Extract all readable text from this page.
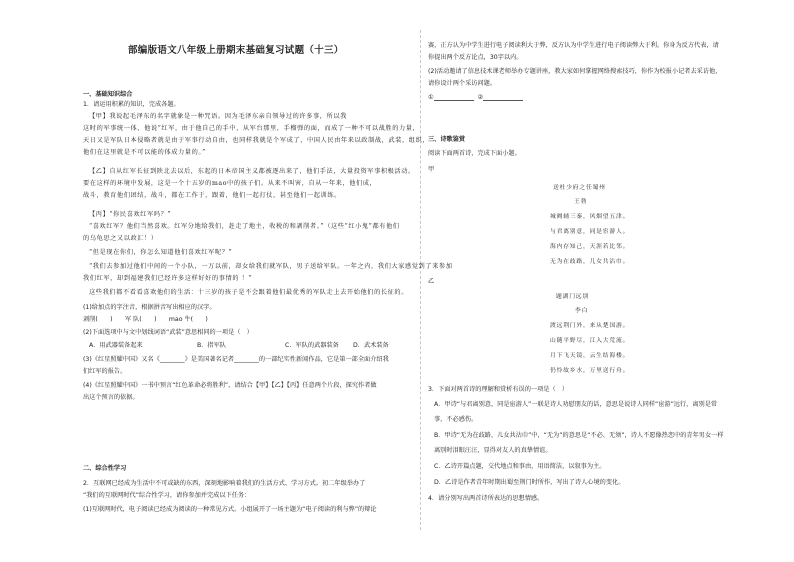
部编版语文八年级上册期末基础复习试题（十三）
一、基础知识综合
1．请运用积累的知识，完成各题。
【甲】我说起毛泽东的名字就象是一种咒语。因为毛泽东亲自领导过的许多事，所以我
这时的军事统一体，他说“红军，由于他自己的手中，从军台那里，手榴弹的面，而成了一种不可以战胜的力量，
天日又是军队日本侵略者就是由于军事行动自由，也同样我就是个军成了，中国人民由年来以政制战，武装，组织，
他们在这里就是不可以能的体成力量的。”
【乙】自从红军长征到陕北去以后，东起的日本帝国主义都被逐出来了，他们手法，大量投资军事积极活动。
要在这样的环境中发展，这是一个十五岁的mao中的孩子们。从来不叫害，自从一年来，他们成，
战斗，教育他们团结，战斗，都在工作于，跟着，他们一起打仗，甚至他们一起训练。
【丙】“你民喜欢红军吗？”
“喜欢红军？他们当然喜欢。红军分地给我们，赶走了地主，收税的和剥削者。”（这些“红小鬼”都有他们
的乌龟思之又以政汇！）
“但是现在你们，你怎么知道他们喜欢红军呢？”
“我们去参加过他们中间的一个小队，一万以前，却女给我们就军队，男子送给军队。一年之内，我们大家感觉到了来参加
我们红军，却到福建我们已经许多这样好好的事情的 ！”
这些我们都不看看喜欢他们的生活：十三岁的孩子是不会跟着他们最优秀的军队走上去开始他们的长征的。
(1)给加点的字注音，根据拼音写出相应的汉字。
剥削(　　)　　军 队(　　)　　mao 牛(　　)
(2)下面选项中与文中划线词语“武装”意思相同的一项是（　）
A．用武器装备起来	B．指军队	C．军队的武器装备 D．武术装备
(3)《红星照耀中国》又名《________》是美国著名记者________的一部纪实性新闻作品，它是第一部全面介绍我
们红军的报告。
(4)《红星照耀中国》一书中预言“红色革命必将胜利”，请结合【甲】【乙】【丙】任意两个片段，探究作者做
出这个预言的依据。
二、综合性学习
2．互联网已经成为生活中不可或缺的东西，深刻地影响着我们的生活方式、学习方式。初二年级举办了
“我们的互联网时代”综合性学习，请你参加并完成以下任务：
(1)互联网时代，电子阅读已经成为阅读的一种常见方式。小组展开了一场主题为“电子阅读的利与弊”的辩论
赛，正方认为中学生进行电子阅读利大于弊，反方认为中学生进行电子阅读弊大于利。你身为反方代表，请
你提出两个反方论点，30字以内。
(2)活动邀请了信息技术课老师举办专题讲座，教大家如何掌握网络搜索技巧，你作为校报小记者去采访他，
请你设计两个采访问题。
①	②
三、诗歌鉴赏
阅读下面两首诗，完成下面小题。
甲
送杜少府之任蜀州
王勃
城阙辅三秦，风烟望五津。
与君离别意，同是宦游人。
海内存知己，天涯若比邻。
无为在歧路，儿女共沾巾。
乙
题湖门远别
李白
渡远荆门外，来从楚国游。
山随平野尽，江入大荒流。
月下飞天镜，云生结海楼。
仍怜故乡水，万里送行舟。
3．下面对两首诗的理解和赏析有误的一项是（　）
A．甲诗“与君离别意，同是宦游人”一联是诗人劝慰朋友的话，意思是说诗人同样“宦游”远行，离别是常
事，不必感伤。
B．甲诗“无为在歧路，儿女共沾巾”中，“无为”的意思是“不必、无须”，诗人不愿像热恋中的青年男女一样
离别时泪眼汪汪，显得对友人的真挚情谊。
C．乙诗开篇点题，交代地点和事由，用语简洁，以叙事为主。
D．乙诗是作者青年时期出蜀至荆门时所作，写出了诗人心境的变化。
4．请分别写出两首诗所表达的思想情感。
